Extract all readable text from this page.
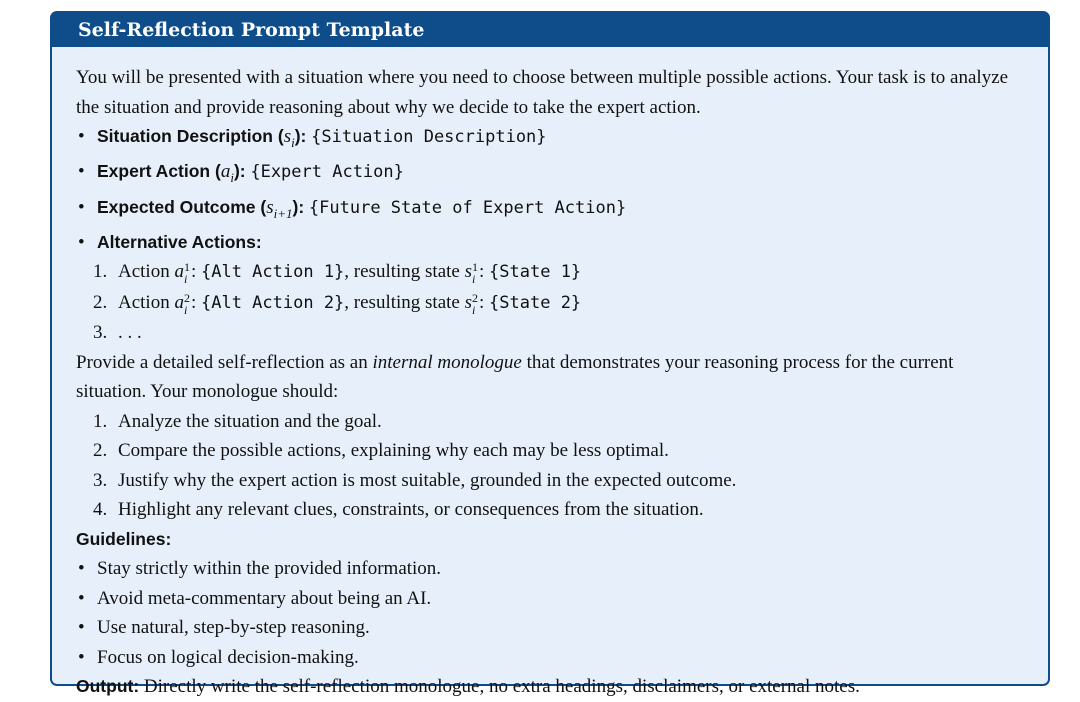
Self-Reflection Prompt Template

You will be presented with a situation where you need to choose between multiple possible actions. Your task is to analyze the situation and provide reasoning about why we decide to take the expert action.

• Situation Description $(s_i)$: {Situation Description}
• Expert Action $(a_i)$: {Expert Action}
• Expected Outcome $(s_{i+1})$: {Future State of Expert Action}
• Alternative Actions:
1. Action a 1
i : {Alt Action 1}, resulting state s 1
i : {State 1}
2. Action a 2
i : {Alt Action 2}, resulting state s 2
i : {State 2}
3. . . .

Provide a detailed self-reflection as an internal monologue that demonstrates your reasoning process for the current situation. Your monologue should:

1. Analyze the situation and the goal.
2. Compare the possible actions, explaining why each may be less optimal.
3. Justify why the expert action is most suitable, grounded in the expected outcome.
4. Highlight any relevant clues, constraints, or consequences from the situation.

Guidelines:

• Stay strictly within the provided information.
• Avoid meta-commentary about being an AI.
• Use natural, step-by-step reasoning.
• Focus on logical decision-making.

Output: Directly write the self-reflection monologue, no extra headings, disclaimers, or external notes.
